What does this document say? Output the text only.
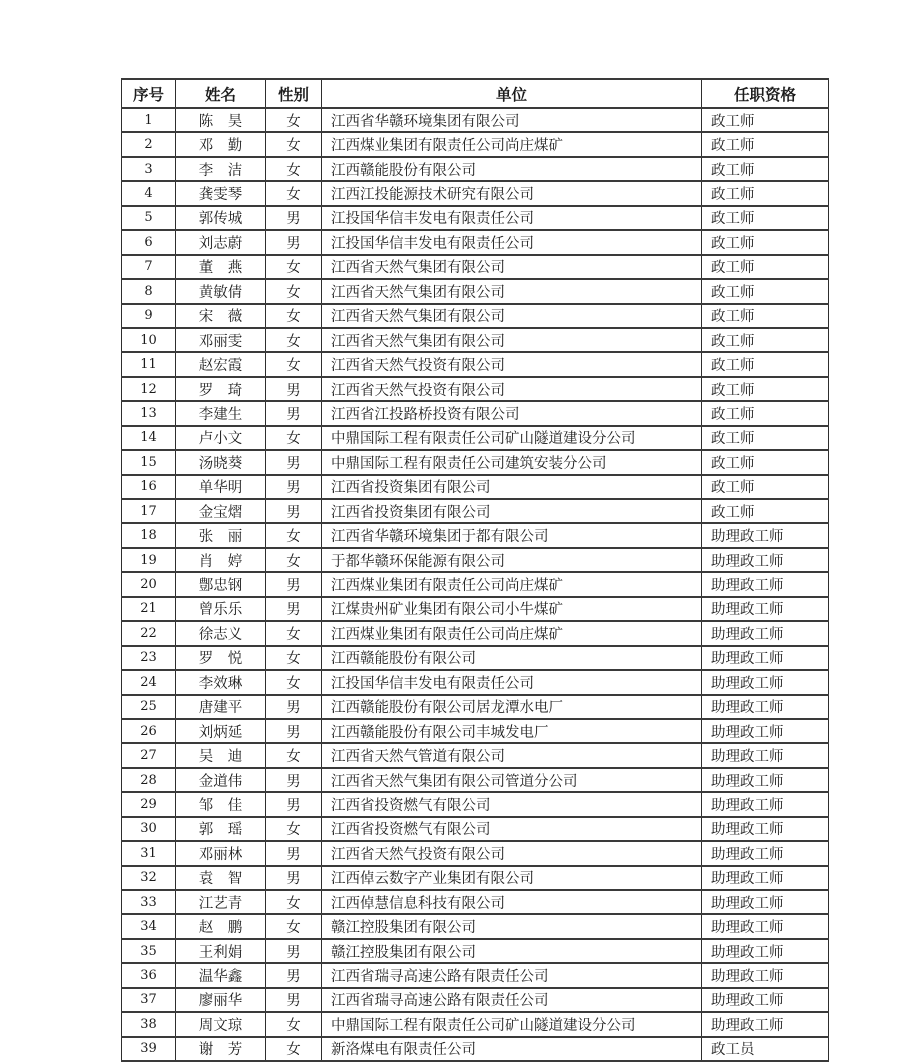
序号	姓名	性别	单位	任职资格
1	陈　昊	女	江西省华赣环境集团有限公司	政工师
2	邓　勤	女	江西煤业集团有限责任公司尚庄煤矿	政工师
3	李　洁	女	江西赣能股份有限公司	政工师
4	龚雯琴	女	江西江投能源技术研究有限公司	政工师
5	郭传城	男	江投国华信丰发电有限责任公司	政工师
6	刘志蔚	男	江投国华信丰发电有限责任公司	政工师
7	董　燕	女	江西省天然气集团有限公司	政工师
8	黄敏倩	女	江西省天然气集团有限公司	政工师
9	宋　薇	女	江西省天然气集团有限公司	政工师
10	邓丽雯	女	江西省天然气集团有限公司	政工师
11	赵宏霞	女	江西省天然气投资有限公司	政工师
12	罗　琦	男	江西省天然气投资有限公司	政工师
13	李建生	男	江西省江投路桥投资有限公司	政工师
14	卢小文	女	中鼎国际工程有限责任公司矿山隧道建设分公司	政工师
15	汤晓葵	男	中鼎国际工程有限责任公司建筑安装分公司	政工师
16	单华明	男	江西省投资集团有限公司	政工师
17	金宝熠	男	江西省投资集团有限公司	政工师
18	张　丽	女	江西省华赣环境集团于都有限公司	助理政工师
19	肖　婷	女	于都华赣环保能源有限公司	助理政工师
20	鄷忠钢	男	江西煤业集团有限责任公司尚庄煤矿	助理政工师
21	曾乐乐	男	江煤贵州矿业集团有限公司小牛煤矿	助理政工师
22	徐志义	女	江西煤业集团有限责任公司尚庄煤矿	助理政工师
23	罗　悦	女	江西赣能股份有限公司	助理政工师
24	李效琳	女	江投国华信丰发电有限责任公司	助理政工师
25	唐建平	男	江西赣能股份有限公司居龙潭水电厂	助理政工师
26	刘炳延	男	江西赣能股份有限公司丰城发电厂	助理政工师
27	吴　迪	女	江西省天然气管道有限公司	助理政工师
28	金道伟	男	江西省天然气集团有限公司管道分公司	助理政工师
29	邹　佳	男	江西省投资燃气有限公司	助理政工师
30	郭　瑶	女	江西省投资燃气有限公司	助理政工师
31	邓丽林	男	江西省天然气投资有限公司	助理政工师
32	袁　智	男	江西倬云数字产业集团有限公司	助理政工师
33	江艺青	女	江西倬慧信息科技有限公司	助理政工师
34	赵　鹏	女	赣江控股集团有限公司	助理政工师
35	王利娟	男	赣江控股集团有限公司	助理政工师
36	温华鑫	男	江西省瑞寻高速公路有限责任公司	助理政工师
37	廖丽华	男	江西省瑞寻高速公路有限责任公司	助理政工师
38	周文琼	女	中鼎国际工程有限责任公司矿山隧道建设分公司	助理政工师
39	谢　芳	女	新洛煤电有限责任公司	政工员
